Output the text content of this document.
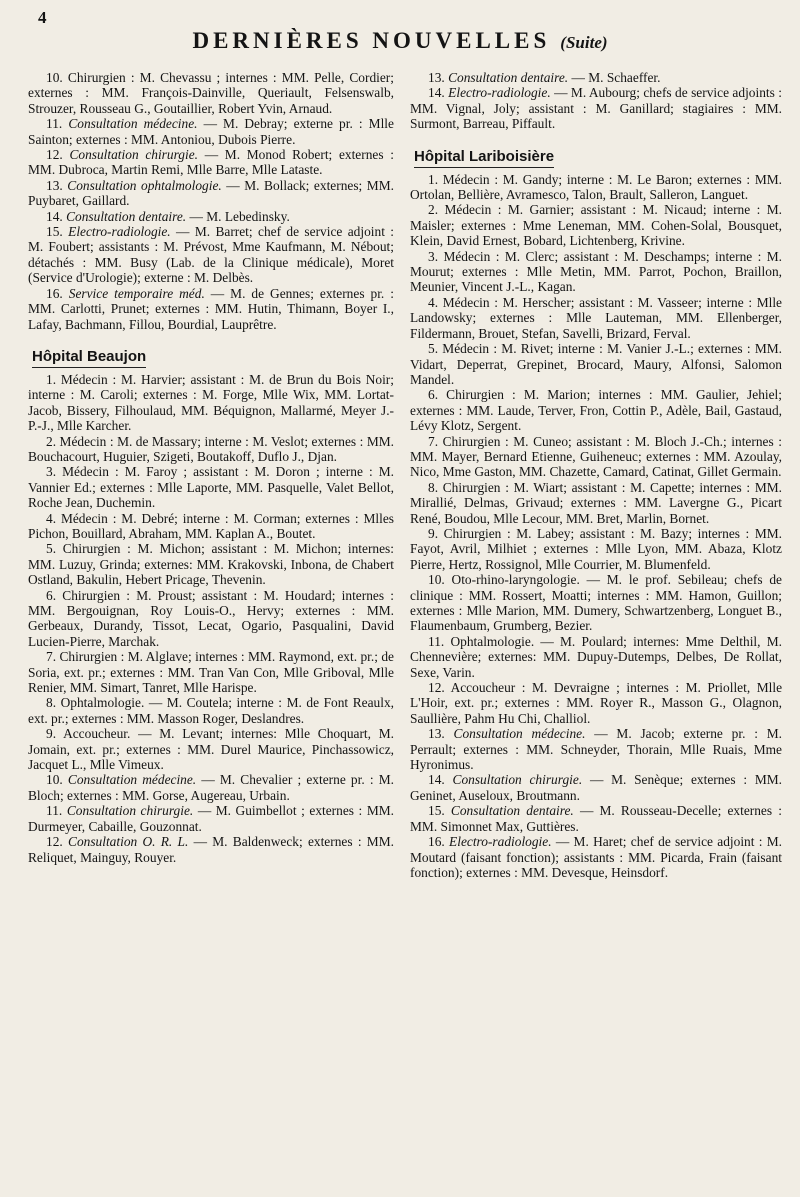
4
DERNIÈRES NOUVELLES (Suite)

10. Chirurgien : M. Chevassu ; internes : MM. Pelle, Cordier; externes : MM. François-Dainville, Queriault, Felsenswalb, Strouzer, Rousseau G., Goutaillier, Robert Yvin, Arnaud.

11. Consultation médecine. — M. Debray; externe pr. : Mlle Sainton; externes : MM. Antoniou, Dubois Pierre.

12. Consultation chirurgie. — M. Monod Robert; externes : MM. Dubroca, Martin Remi, Mlle Barre, Mlle Lataste.

13. Consultation ophtalmologie. — M. Bollack; externes; MM. Puybaret, Gaillard.

14. Consultation dentaire. — M. Lebedinsky.

15. Electro-radiologie. — M. Barret; chef de service adjoint : M. Foubert; assistants : M. Prévost, Mme Kaufmann, M. Nébout; détachés : MM. Busy (Lab. de la Clinique médicale), Moret (Service d'Urologie); externe : M. Delbès.

16. Service temporaire méd. — M. de Gennes; externes pr. : MM. Carlotti, Prunet; externes : MM. Hutin, Thimann, Boyer I., Lafay, Bachmann, Fillou, Bourdial, Lauprêtre.

Hôpital Beaujon

1. Médecin : M. Harvier; assistant : M. de Brun du Bois Noir; interne : M. Caroli; externes : M. Forge, Mlle Wix, MM. Lortat-Jacob, Bissery, Filhoulaud, MM. Béquignon, Mallarmé, Meyer J.-P.-J., Mlle Karcher.

2. Médecin : M. de Massary; interne : M. Veslot; externes : MM. Bouchacourt, Huguier, Szigeti, Boutakoff, Duflo J., Djan.

3. Médecin : M. Faroy ; assistant : M. Doron ; interne : M. Vannier Ed.; externes : Mlle Laporte, MM. Pasquelle, Valet Bellot, Roche Jean, Duchemin.

4. Médecin : M. Debré; interne : M. Corman; externes : Mlles Pichon, Bouillard, Abraham, MM. Kaplan A., Boutet.

5. Chirurgien : M. Michon; assistant : M. Michon; internes: MM. Luzuy, Grinda; externes: MM. Krakovski, Inbona, de Chabert Ostland, Bakulin, Hebert Pricage, Thevenin.

6. Chirurgien : M. Proust; assistant : M. Houdard; internes : MM. Bergouignan, Roy Louis-O., Hervy; externes : MM. Gerbeaux, Durandy, Tissot, Lecat, Ogario, Pasqualini, David Lucien-Pierre, Marchak.

7. Chirurgien : M. Alglave; internes : MM. Raymond, ext. pr.; de Soria, ext. pr.; externes : MM. Tran Van Con, Mlle Griboval, Mlle Renier, MM. Simart, Tanret, Mlle Harispe.

8. Ophtalmologie. — M. Coutela; interne : M. de Font Reaulx, ext. pr.; externes : MM. Masson Roger, Deslandres.

9. Accoucheur. — M. Levant; internes: Mlle Choquart, M. Jomain, ext. pr.; externes : MM. Durel Maurice, Pinchassowicz, Jacquet L., Mlle Vimeux.

10. Consultation médecine. — M. Chevalier ; externe pr. : M. Bloch; externes : MM. Gorse, Augereau, Urbain.

11. Consultation chirurgie. — M. Guimbellot ; externes : MM. Durmeyer, Cabaille, Gouzonnat.

12. Consultation O. R. L. — M. Baldenweck; externes : MM. Reliquet, Mainguy, Rouyer.

13. Consultation dentaire. — M. Schaeffer.

14. Electro-radiologie. — M. Aubourg; chefs de service adjoints : MM. Vignal, Joly; assistant : M. Ganillard; stagiaires : MM. Surmont, Barreau, Piffault.

Hôpital Lariboisière

1. Médecin : M. Gandy; interne : M. Le Baron; externes : MM. Ortolan, Bellière, Avramesco, Talon, Brault, Salleron, Languet.

2. Médecin : M. Garnier; assistant : M. Nicaud; interne : M. Maisler; externes : Mme Leneman, MM. Cohen-Solal, Bousquet, Klein, David Ernest, Bobard, Lichtenberg, Krivine.

3. Médecin : M. Clerc; assistant : M. Deschamps; interne : M. Mourut; externes : Mlle Metin, MM. Parrot, Pochon, Braillon, Meunier, Vincent J.-L., Kagan.

4. Médecin : M. Herscher; assistant : M. Vasseer; interne : Mlle Landowsky; externes : Mlle Lauteman, MM. Ellenberger, Fildermann, Brouet, Stefan, Savelli, Brizard, Ferval.

5. Médecin : M. Rivet; interne : M. Vanier J.-L.; externes : MM. Vidart, Deperrat, Grepinet, Brocard, Maury, Alfonsi, Salomon Mandel.

6. Chirurgien : M. Marion; internes : MM. Gaulier, Jehiel; externes : MM. Laude, Terver, Fron, Cottin P., Adèle, Bail, Gastaud, Lévy Klotz, Sergent.

7. Chirurgien : M. Cuneo; assistant : M. Bloch J.-Ch.; internes : MM. Mayer, Bernard Etienne, Guiheneuc; externes : MM. Azoulay, Nico, Mme Gaston, MM. Chazette, Camard, Catinat, Gillet Germain.

8. Chirurgien : M. Wiart; assistant : M. Capette; internes : MM. Mirallié, Delmas, Grivaud; externes : MM. Lavergne G., Picart René, Boudou, Mlle Lecour, MM. Bret, Marlin, Bornet.

9. Chirurgien : M. Labey; assistant : M. Bazy; internes : MM. Fayot, Avril, Milhiet ; externes : Mlle Lyon, MM. Abaza, Klotz Pierre, Hertz, Rossignol, Mlle Courrier, M. Blumenfeld.

10. Oto-rhino-laryngologie. — M. le prof. Sebileau; chefs de clinique : MM. Rossert, Moatti; internes : MM. Hamon, Guillon; externes : Mlle Marion, MM. Dumery, Schwartzenberg, Longuet B., Flaumenbaum, Grumberg, Bezier.

11. Ophtalmologie. — M. Poulard; internes: Mme Delthil, M. Chennevière; externes: MM. Dupuy-Dutemps, Delbes, De Rollat, Sexe, Varin.

12. Accoucheur : M. Devraigne ; internes : M. Priollet, Mlle L'Hoir, ext. pr.; externes : MM. Royer R., Masson G., Olagnon, Saullière, Pahm Hu Chi, Challiol.

13. Consultation médecine. — M. Jacob; externe pr. : M. Perrault; externes : MM. Schneyder, Thorain, Mlle Ruais, Mme Hyronimus.

14. Consultation chirurgie. — M. Senèque; externes : MM. Geninet, Auseloux, Broutmann.

15. Consultation dentaire. — M. Rousseau-Decelle; externes : MM. Simonnet Max, Guttières.

16. Electro-radiologie. — M. Haret; chef de service adjoint : M. Moutard (faisant fonction); assistants : MM. Picarda, Frain (faisant fonction); externes : MM. Devesque, Heinsdorf.
